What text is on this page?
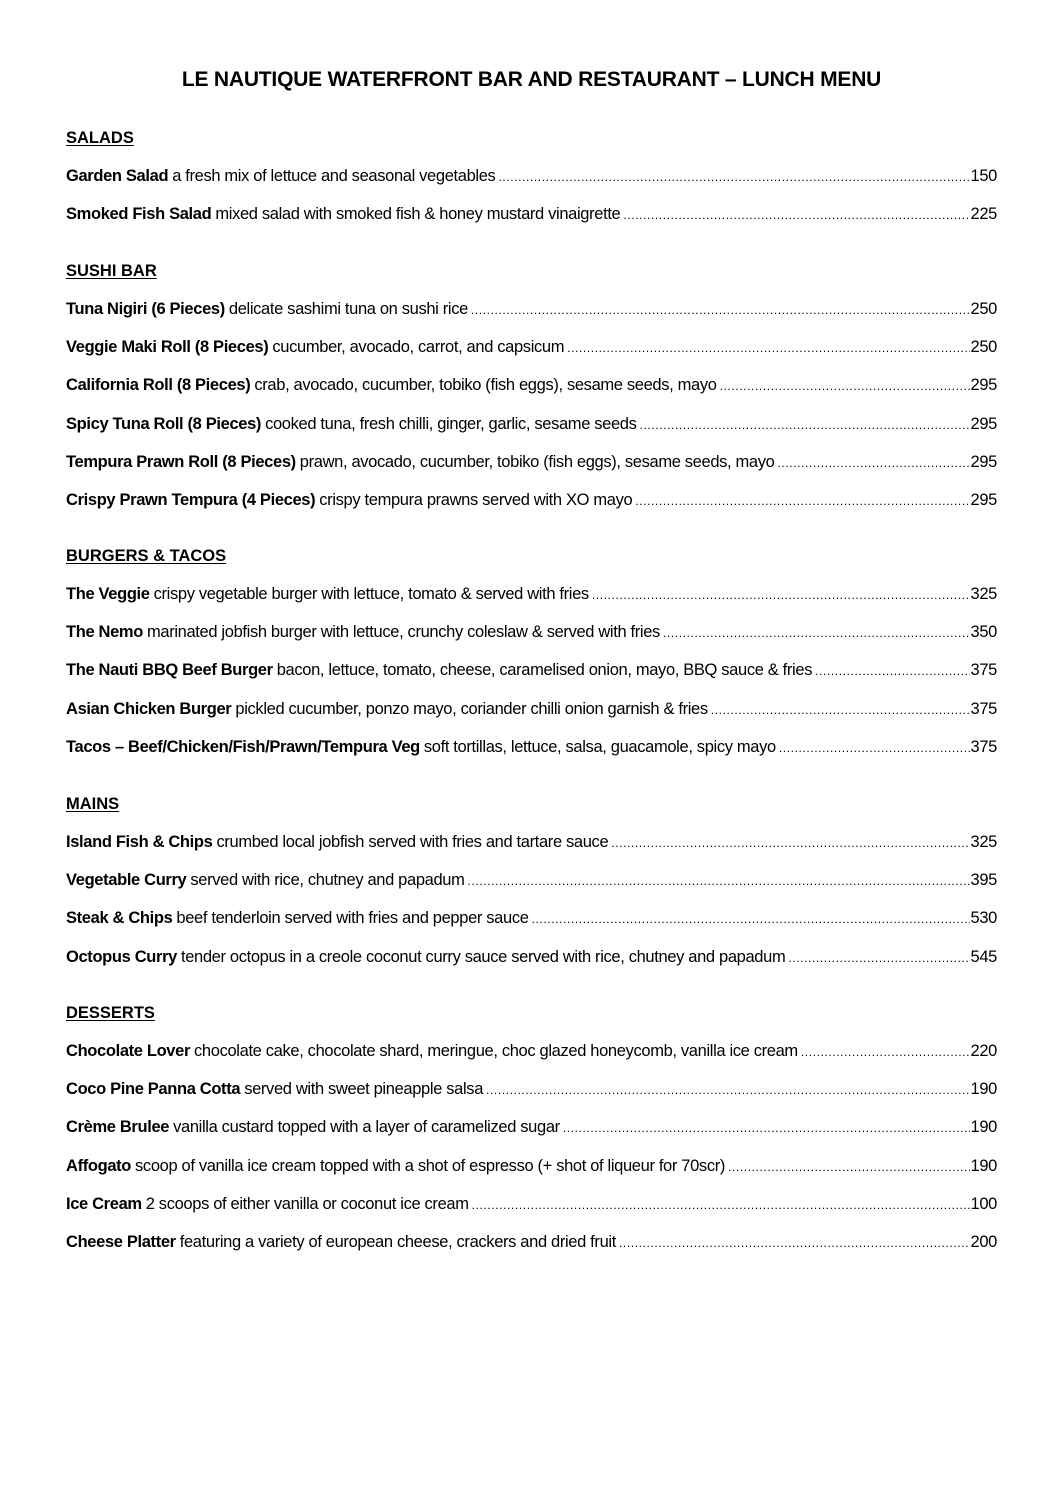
LE NAUTIQUE WATERFRONT BAR AND RESTAURANT – LUNCH MENU
SALADS
Garden Salad a fresh mix of lettuce and seasonal vegetables .....	150
Smoked Fish Salad mixed salad with smoked fish & honey mustard vinaigrette .....	225
SUSHI BAR
Tuna Nigiri (6 Pieces) delicate sashimi tuna on sushi rice .....	250
Veggie Maki Roll (8 Pieces) cucumber, avocado, carrot, and capsicum .....	250
California Roll (8 Pieces) crab, avocado, cucumber, tobiko (fish eggs), sesame seeds, mayo .....	295
Spicy Tuna Roll (8 Pieces) cooked tuna, fresh chilli, ginger, garlic, sesame seeds .....	295
Tempura Prawn Roll (8 Pieces) prawn, avocado, cucumber, tobiko (fish eggs), sesame seeds, mayo .....	295
Crispy Prawn Tempura (4 Pieces) crispy tempura prawns served with XO mayo .....	295
BURGERS & TACOS
The Veggie crispy vegetable burger with lettuce, tomato & served with fries .....	325
The Nemo marinated jobfish burger with lettuce, crunchy coleslaw & served with fries .....	350
The Nauti BBQ Beef Burger bacon, lettuce, tomato, cheese, caramelised onion, mayo, BBQ sauce & fries .....	375
Asian Chicken Burger pickled cucumber, ponzo mayo, coriander chilli onion garnish & fries .....	375
Tacos – Beef/Chicken/Fish/Prawn/Tempura Veg soft tortillas, lettuce, salsa, guacamole, spicy mayo .....	375
MAINS
Island Fish & Chips crumbed local jobfish served with fries and tartare sauce .....	325
Vegetable Curry served with rice, chutney and papadum .....	395
Steak & Chips beef tenderloin served with fries and pepper sauce .....	530
Octopus Curry tender octopus in a creole coconut curry sauce served with rice, chutney and papadum .....	545
DESSERTS
Chocolate Lover chocolate cake, chocolate shard, meringue, choc glazed honeycomb, vanilla ice cream .....	220
Coco Pine Panna Cotta served with sweet pineapple salsa .....	190
Crème Brulee vanilla custard topped with a layer of caramelized sugar .....	190
Affogato scoop of vanilla ice cream topped with a shot of espresso (+ shot of liqueur for 70scr) .....	190
Ice Cream 2 scoops of either vanilla or coconut ice cream .....	100
Cheese Platter featuring a variety of european cheese, crackers and dried fruit .....	200
